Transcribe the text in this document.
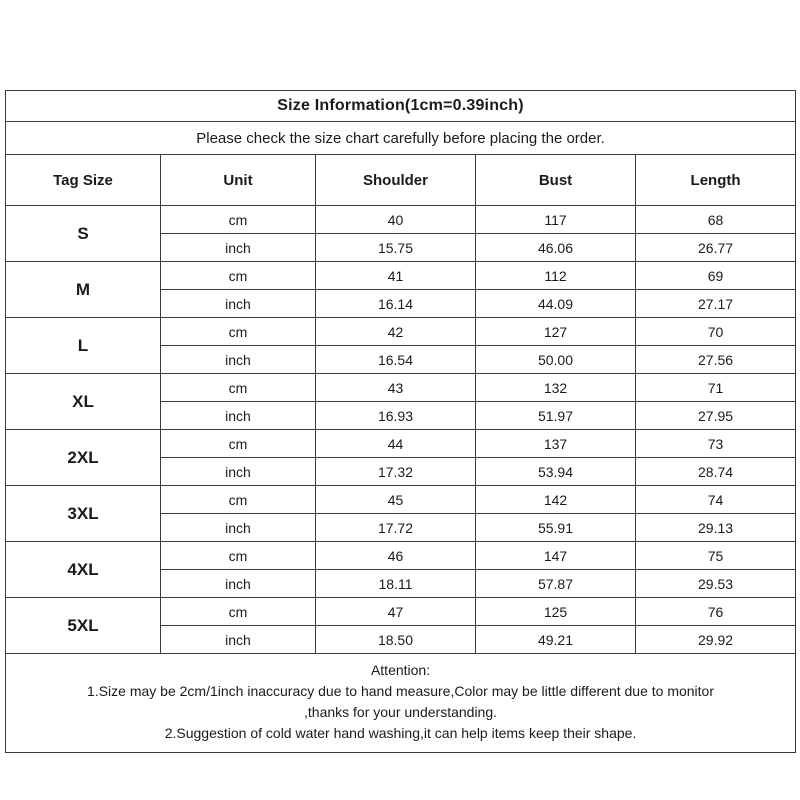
Size Information(1cm=0.39inch)				
Please check the size chart carefully before placing the order.				
Tag Size	Unit	Shoulder	Bust	Length
S	cm	40	117	68
	inch	15.75	46.06	26.77
M	cm	41	112	69
	inch	16.14	44.09	27.17
L	cm	42	127	70
	inch	16.54	50.00	27.56
XL	cm	43	132	71
	inch	16.93	51.97	27.95
2XL	cm	44	137	73
	inch	17.32	53.94	28.74
3XL	cm	45	142	74
	inch	17.72	55.91	29.13
4XL	cm	46	147	75
	inch	18.11	57.87	29.53
5XL	cm	47	125	76
	inch	18.50	49.21	29.92

Attention:
1.Size may be 2cm/1inch inaccuracy due to hand measure,Color may be little different due to monitor
,thanks for your understanding.
2.Suggestion of cold water hand washing,it can help items keep their shape.				
